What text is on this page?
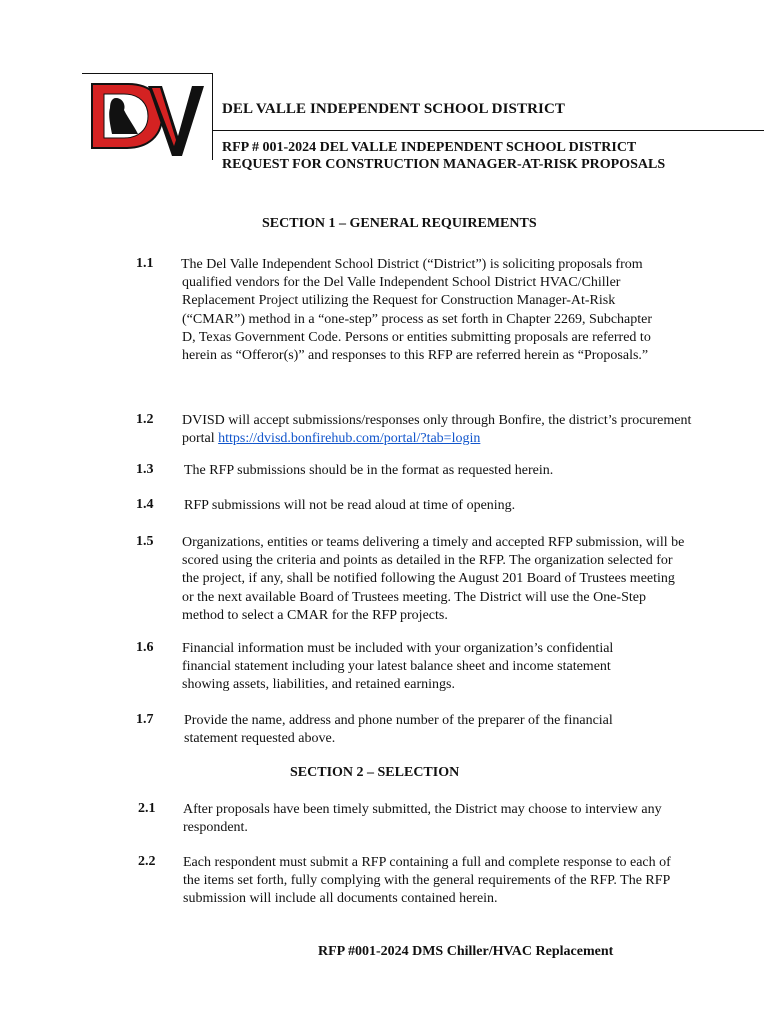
DEL VALLE INDEPENDENT SCHOOL DISTRICT
RFP # 001-2024 DEL VALLE INDEPENDENT SCHOOL DISTRICT
REQUEST FOR CONSTRUCTION MANAGER-AT-RISK PROPOSALS
SECTION 1 – GENERAL REQUIREMENTS
1.1 The Del Valle Independent School District (“District”) is soliciting proposals from qualified vendors for the Del Valle Independent School District HVAC/Chiller Replacement Project utilizing the Request for Construction Manager-At-Risk (“CMAR”) method in a “one-step” process as set forth in Chapter 2269, Subchapter D, Texas Government Code. Persons or entities submitting proposals are referred to herein as “Offeror(s)” and responses to this RFP are referred herein as “Proposals.”
1.2 DVISD will accept submissions/responses only through Bonfire, the district’s procurement portal https://dvisd.bonfirehub.com/portal/?tab=login
1.3 The RFP submissions should be in the format as requested herein.
1.4 RFP submissions will not be read aloud at time of opening.
1.5 Organizations, entities or teams delivering a timely and accepted RFP submission, will be scored using the criteria and points as detailed in the RFP. The organization selected for the project, if any, shall be notified following the August 201 Board of Trustees meeting or the next available Board of Trustees meeting. The District will use the One-Step method to select a CMAR for the RFP projects.
1.6 Financial information must be included with your organization’s confidential financial statement including your latest balance sheet and income statement showing assets, liabilities, and retained earnings.
1.7 Provide the name, address and phone number of the preparer of the financial statement requested above.
SECTION 2 – SELECTION
2.1 After proposals have been timely submitted, the District may choose to interview any respondent.
2.2 Each respondent must submit a RFP containing a full and complete response to each of the items set forth, fully complying with the general requirements of the RFP. The RFP submission will include all documents contained herein.
RFP #001-2024 DMS Chiller/HVAC Replacement
